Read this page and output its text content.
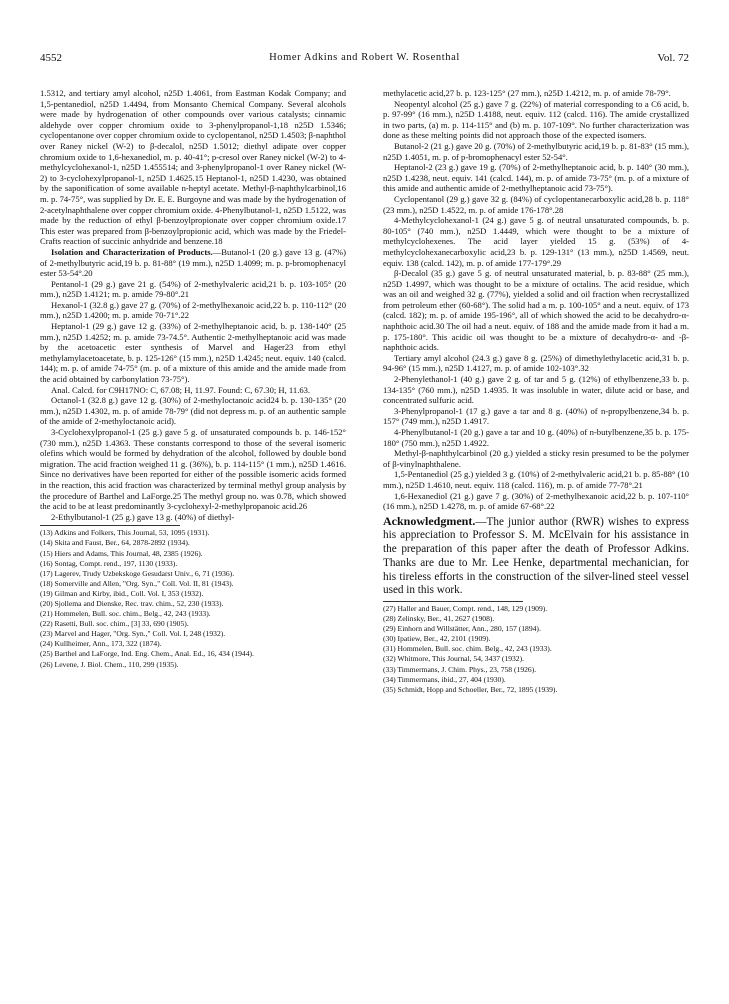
4552	Homer Adkins and Robert W. Rosenthal	Vol. 72

1.5312, and tertiary amyl alcohol, n25D 1.4061, from Eastman Kodak Company; and 1,5-pentanediol, n25D 1.4494, from Monsanto Chemical Company. Several alcohols were made by hydrogenation of other compounds over various catalysts; cinnamic aldehyde over copper chromium oxide to 3-phenylpropanol-1,18 n25D 1.5346; cyclopentanone over copper chromium oxide to cyclopentanol, n25D 1.4503; β-naphthol over Raney nickel (W-2) to β-decalol, n25D 1.5012; diethyl adipate over copper chromium oxide to 1,6-hexanediol, m. p. 40-41°; p-cresol over Raney nickel (W-2) to 4-methylcyclohexanol-1, n25D 1.455514; and 3-phenylpropanol-1 over Raney nickel (W-2) to 3-cyclohexylpropanol-1, n25D 1.4625.15 Heptanol-1, n25D 1.4230, was obtained by the saponification of some available n-heptyl acetate. Methyl-β-naphthylcarbinol,16 m. p. 74-75°, was supplied by Dr. E. E. Burgoyne and was made by the hydrogenation of 2-acetylnaphthalene over copper chromium oxide. 4-Phenylbutanol-1, n25D 1.5122, was made by the reduction of ethyl β-benzoylpropionate over copper chromium oxide.17 This ester was prepared from β-benzoylpropionic acid, which was made by the Friedel-Crafts reaction of succinic anhydride and benzene.18

Isolation and Characterization of Products.—Butanol-1 (20 g.) gave 13 g. (47%) of 2-methylbutyric acid,19 b. p. 81-88° (19 mm.), n25D 1.4099; m. p. p-bromophenacyl ester 53-54°.20

Pentanol-1 (29 g.) gave 21 g. (54%) of 2-methylvaleric acid,21 b. p. 103-105° (20 mm.), n25D 1.4121; m. p. amide 79-80°.21

Hexanol-1 (32.8 g.) gave 27 g. (70%) of 2-methylhexanoic acid,22 b. p. 110-112° (20 mm.), n25D 1.4200; m. p. amide 70-71°.22

Heptanol-1 (29 g.) gave 12 g. (33%) of 2-methylheptanoic acid, b. p. 138-140° (25 mm.), n25D 1.4252; m. p. amide 73-74.5°. Authentic 2-methylheptanoic acid was made by the acetoacetic ester synthesis of Marvel and Hager23 from ethyl methylamylacetoacetate, b. p. 125-126° (15 mm.), n25D 1.4245; neut. equiv. 140 (calcd. 144); m. p. of amide 74-75° (m. p. of a mixture of this amide and the amide made from the acid obtained by carbonylation 73-75°).

Anal. Calcd. for C9H17NO: C, 67.08; H, 11.97. Found: C, 67.30; H, 11.63.

Octanol-1 (32.8 g.) gave 12 g. (30%) of 2-methyloctanoic acid24 b. p. 130-135° (20 mm.), n25D 1.4302, m. p. of amide 78-79° (did not depress m. p. of an authentic sample of the amide of 2-methyloctanoic acid).

3-Cyclohexylpropanol-1 (25 g.) gave 5 g. of unsaturated compounds b. p. 146-152° (730 mm.), n25D 1.4363. These constants correspond to those of the several isomeric olefins which would be formed by dehydration of the alcohol, followed by double bond migration. The acid fraction weighed 11 g. (36%), b. p. 114-115° (1 mm.), n25D 1.4616. Since no derivatives have been reported for either of the possible isomeric acids formed in the reaction, this acid fraction was characterized by terminal methyl group analysis by the procedure of Barthel and LaForge.25 The methyl group no. was 0.78, which showed the acid to be at least predominantly 3-cyclohexyl-2-methylpropanoic acid.26

2-Ethylbutanol-1 (25 g.) gave 13 g. (40%) of diethyl-

(13) Adkins and Folkers, This Journal, 53, 1095 (1931).
(14) Skita and Faust, Ber., 64, 2878-2892 (1934).
(15) Hiers and Adams, This Journal, 48, 2385 (1926).
(16) Sontag, Compt. rend., 197, 1130 (1933).
(17) Lagerev, Trudy Uzbekskoge Gesudarst Univ., 6, 71 (1936).
(18) Somerville and Allen, "Org. Syn.," Coll. Vol. II, 81 (1943).
(19) Gilman and Kirby, ibid., Coll. Vol. I, 353 (1932).
(20) Sjollema and Dienske, Rec. trav. chim., 52, 230 (1933).
(21) Hommelen, Bull. soc. chim., Belg., 42, 243 (1933).
(22) Rasetti, Bull. soc. chim., [3] 33, 690 (1905).
(23) Marvel and Hager, "Org. Syn.," Coll. Vol. I, 248 (1932).
(24) Kullheimer, Ann., 173, 322 (1874).
(25) Barthel and LaForge, Ind. Eng. Chem., Anal. Ed., 16, 434 (1944).
(26) Levene, J. Biol. Chem., 110, 299 (1935).

methylacetic acid,27 b. p. 123-125° (27 mm.), n25D 1.4212, m. p. of amide 78-79°.

Neopentyl alcohol (25 g.) gave 7 g. (22%) of material corresponding to a C6 acid, b. p. 97-99° (16 mm.), n25D 1.4188, neut. equiv. 112 (calcd. 116). The amide crystallized in two parts, (a) m. p. 114-115° and (b) m. p. 107-109°. No further characterization was done as these melting points did not approach those of the expected isomers.

Butanol-2 (21 g.) gave 20 g. (70%) of 2-methylbutyric acid,19 b. p. 81-83° (15 mm.), n25D 1.4051, m. p. of p-bromophenacyl ester 52-54°.

Heptanol-2 (23 g.) gave 19 g. (70%) of 2-methylheptanoic acid, b. p. 140° (30 mm.), n25D 1.4238, neut. equiv. 141 (calcd. 144), m. p. of amide 73-75° (m. p. of a mixture of this amide and authentic amide of 2-methylheptanoic acid 73-75°).

Cyclopentanol (29 g.) gave 32 g. (84%) of cyclopentanecarboxylic acid,28 b. p. 118° (23 mm.), n25D 1.4522, m. p. of amide 176-178°.28

4-Methylcyclohexanol-1 (24 g.) gave 5 g. of neutral unsaturated compounds, b. p. 80-105° (740 mm.), n25D 1.4449, which were thought to be a mixture of methylcyclohexenes. The acid layer yielded 15 g. (53%) of 4-methylcyclohexanecarboxylic acid,23 b. p. 129-131° (13 mm.), n25D 1.4569, neut. equiv. 138 (calcd. 142), m. p. of amide 177-179°.29

β-Decalol (35 g.) gave 5 g. of neutral unsaturated material, b. p. 83-88° (25 mm.), n25D 1.4997, which was thought to be a mixture of octalins. The acid residue, which was an oil and weighed 32 g. (77%), yielded a solid and oil fraction when recrystallized from petroleum ether (60-68°). The solid had a m. p. 100-105° and a neut. equiv. of 173 (calcd. 182); m. p. of amide 195-196°, all of which showed the acid to be decahydro-α-naphthoic acid.30 The oil had a neut. equiv. of 188 and the amide made from it had a m. p. 175-180°. This acidic oil was thought to be a mixture of decahydro-α- and -β-naphthoic acids.

Tertiary amyl alcohol (24.3 g.) gave 8 g. (25%) of dimethylethylacetic acid,31 b. p. 94-96° (15 mm.), n25D 1.4127, m. p. of amide 102-103°.32

2-Phenylethanol-1 (40 g.) gave 2 g. of tar and 5 g. (12%) of ethylbenzene,33 b. p. 134-135° (760 mm.), n25D 1.4935. It was insoluble in water, dilute acid or base, and concentrated sulfuric acid.

3-Phenylpropanol-1 (17 g.) gave a tar and 8 g. (40%) of n-propylbenzene,34 b. p. 157° (749 mm.), n25D 1.4917.

4-Phenylbutanol-1 (20 g.) gave a tar and 10 g. (40%) of n-butylbenzene,35 b. p. 175-180° (750 mm.), n25D 1.4922.

Methyl-β-naphthylcarbinol (20 g.) yielded a sticky resin presumed to be the polymer of β-vinylnaphthalene.

1,5-Pentanediol (25 g.) yielded 3 g. (10%) of 2-methylvaleric acid,21 b. p. 85-88° (10 mm.), n25D 1.4610, neut. equiv. 118 (calcd. 116), m. p. of amide 77-78°.21

1,6-Hexanediol (21 g.) gave 7 g. (30%) of 2-methylhexanoic acid,22 b. p. 107-110° (16 mm.), n25D 1.4278, m. p. of amide 67-68°.22

Acknowledgment.—The junior author (RWR) wishes to express his appreciation to Professor S. M. McElvain for his assistance in the preparation of this paper after the death of Professor Adkins. Thanks are due to Mr. Lee Henke, departmental mechanician, for his tireless efforts in the construction of the silver-lined steel vessel used in this work.

(27) Haller and Bauer, Compt. rend., 148, 129 (1909).
(28) Zelinsky, Ber., 41, 2627 (1908).
(29) Einhorn and Willstätter, Ann., 280, 157 (1894).
(30) Ipatiew, Ber., 42, 2101 (1909).
(31) Hommelen, Bull. soc. chim. Belg., 42, 243 (1933).
(32) Whitmore, This Journal, 54, 3437 (1932).
(33) Timmermans, J. Chim. Phys., 23, 758 (1926).
(34) Timmermans, ibid., 27, 404 (1930).
(35) Schmidt, Hopp and Schoeller, Ber., 72, 1895 (1939).
